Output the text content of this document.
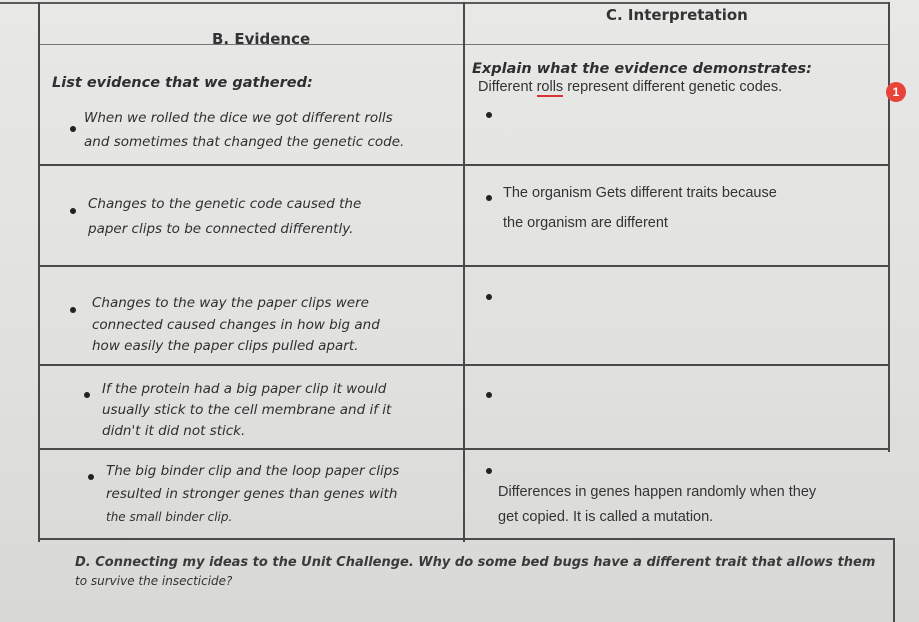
B. Evidence
C. Interpretation
List evidence that we gathered:
Explain what the evidence demonstrates:
Different rolls represent different genetic codes.	1
When we rolled the dice we got different rolls
and sometimes that changed the genetic code.
Changes to the genetic code caused the
paper clips to be connected differently.
The organism Gets different traits because
the organism are different
Changes to the way the paper clips were
connected caused changes in how big and
how easily the paper clips pulled apart.
If the protein had a big paper clip it would
usually stick to the cell membrane and if it
didn't it did not stick.
The big binder clip and the loop paper clips
resulted in stronger genes than genes with
the small binder clip.
Differences in genes happen randomly when they
get copied. It is called a mutation.
D. Connecting my ideas to the Unit Challenge. Why do some bed bugs have a different trait that allows them
to survive the insecticide?
